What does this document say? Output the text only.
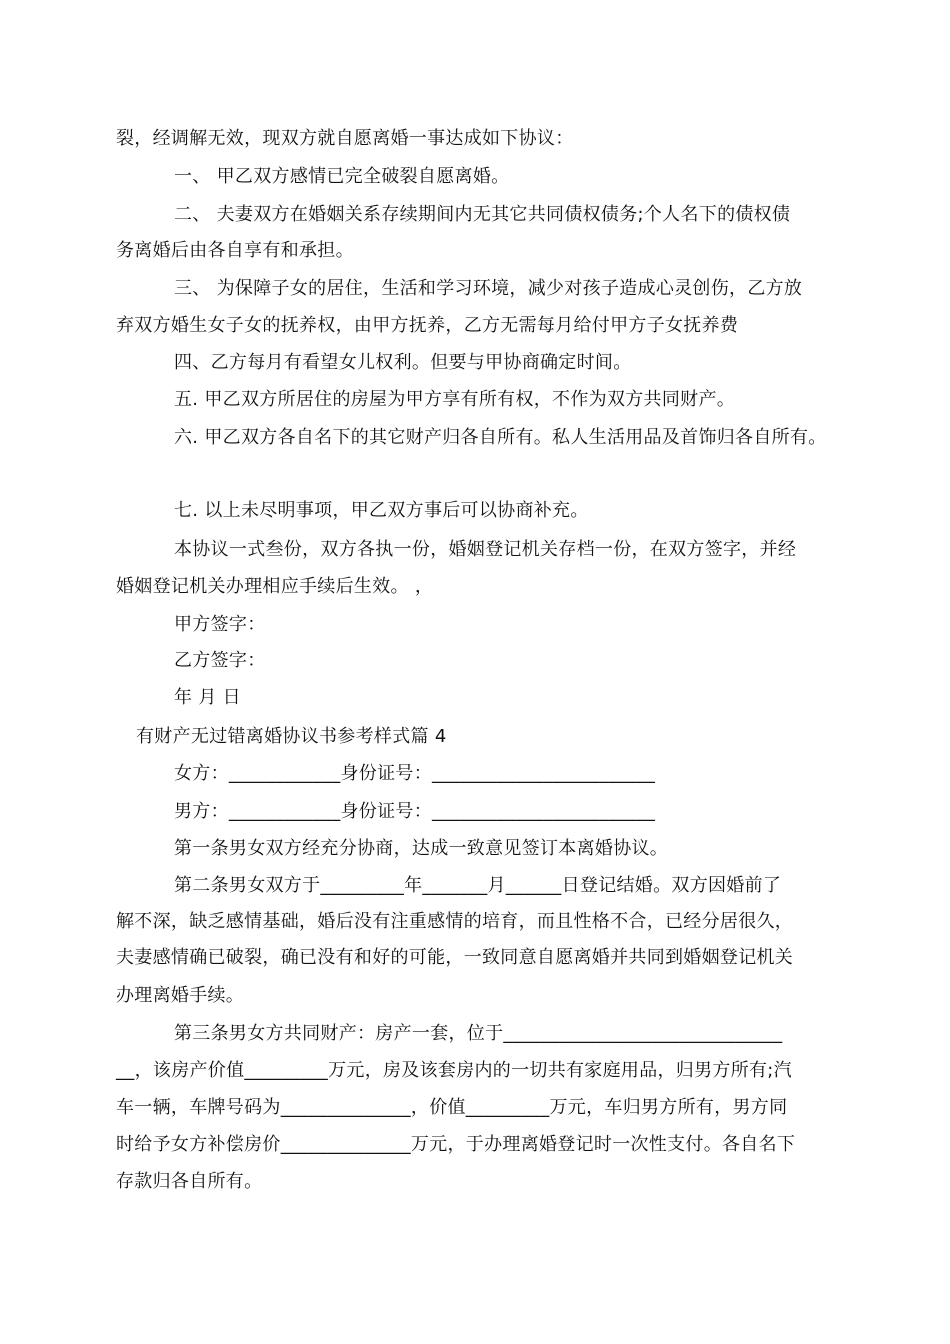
裂，经调解无效，现双方就自愿离婚一事达成如下协议：
一、 甲乙双方感情已完全破裂自愿离婚。
二、 夫妻双方在婚姻关系存续期间内无其它共同债权债务;个人名下的债权债
务离婚后由各自享有和承担。
三、 为保障子女的居住，生活和学习环境，减少对孩子造成心灵创伤，乙方放
弃双方婚生女子女的抚养权，由甲方抚养，乙方无需每月给付甲方子女抚养费
四、乙方每月有看望女儿权利。但要与甲协商确定时间。
五. 甲乙双方所居住的房屋为甲方享有所有权，不作为双方共同财产。
六. 甲乙双方各自名下的其它财产归各自所有。私人生活用品及首饰归各自所有。
七. 以上未尽明事项，甲乙双方事后可以协商补充。
本协议一式叁份，双方各执一份，婚姻登记机关存档一份，在双方签字，并经
婚姻登记机关办理相应手续后生效。 ，
甲方签字：
乙方签字：
年 月 日
有财产无过错离婚协议书参考样式篇 4
女方：____________身份证号：________________________
男方：____________身份证号：________________________
第一条男女双方经充分协商，达成一致意见签订本离婚协议。
第二条男女双方于_________年_______月______日登记结婚。双方因婚前了
解不深，缺乏感情基础，婚后没有注重感情的培育，而且性格不合，已经分居很久，
夫妻感情确已破裂，确已没有和好的可能，一致同意自愿离婚并共同到婚姻登记机关
办理离婚手续。
第三条男女方共同财产：房产一套，位于______________________________
__，该房产价值_________万元，房及该套房内的一切共有家庭用品，归男方所有;汽
车一辆，车牌号码为______________，价值_________万元，车归男方所有，男方同
时给予女方补偿房价______________万元，于办理离婚登记时一次性支付。各自名下
存款归各自所有。
